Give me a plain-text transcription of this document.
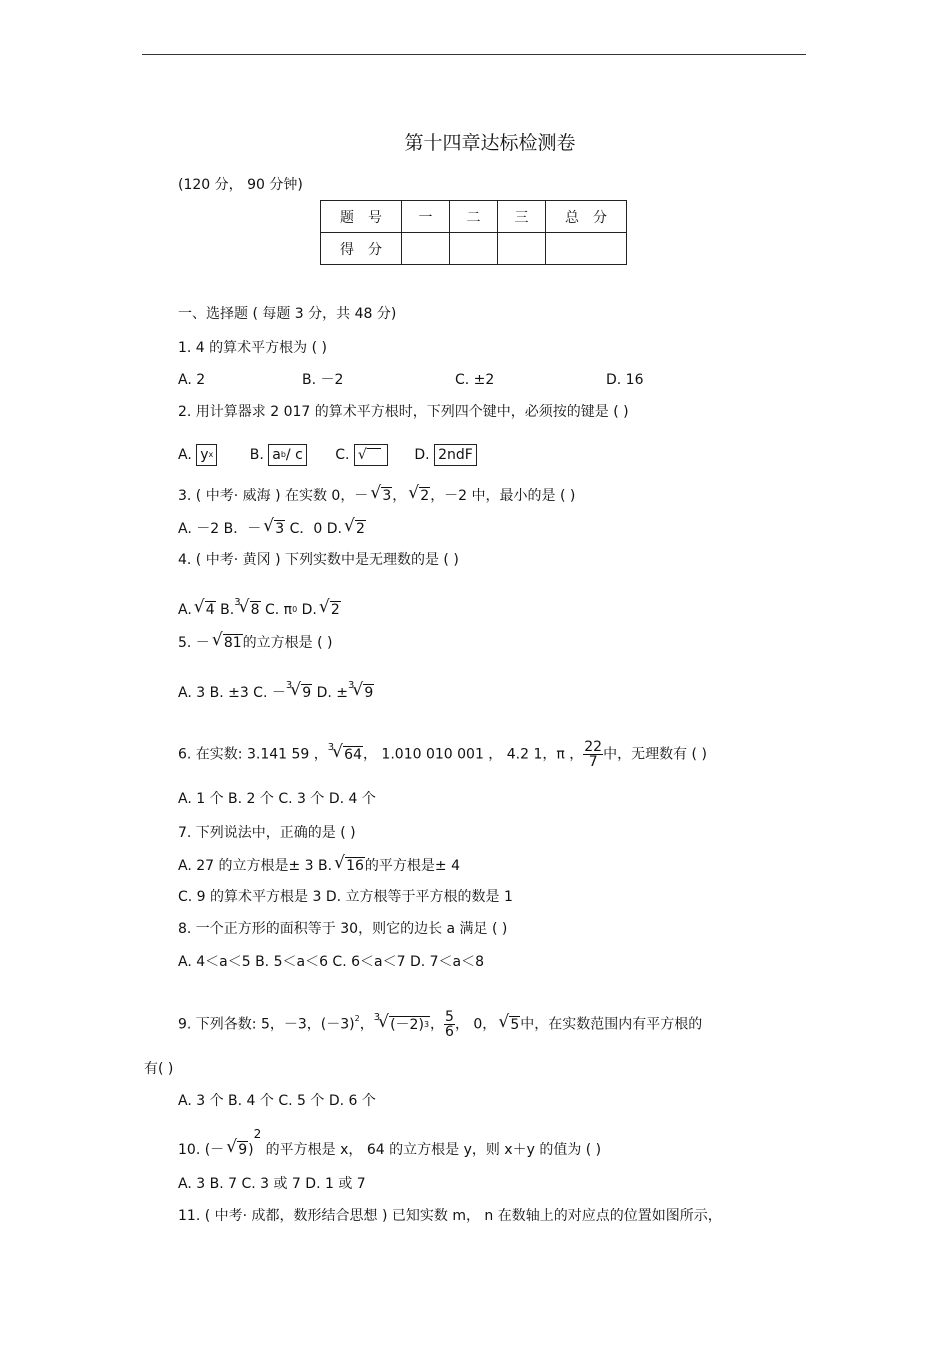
第十四章达标检测卷
(120 分， 90 分钟)
题　号	一	二	三	总　分
得　分				
一、选择题 ( 每题 3 分，共 48 分)
1. 4 的算术平方根为 ( )
A. 2	B. －2	C. ±2	D. 16
2. 用计算器求 2 017 的算术平方根时，下列四个键中，必须按的键是 ( )
A. $y^x$	B. $a^b/$ c C. √‾‾ D. 2ndF
3. ( 中考· 威海 ) 在实数 0，－ √ 3， √ 2，－2 中，最小的是 ( )
A. －2 B．－ √ 3 C．0 D. √ 2
4. ( 中考· 黄冈 ) 下列实数中是无理数的是 ( )
A. √ 4 B.$^3$ √ 8 C. $\pi^0$ D. √ 2
5. － √ 81的立方根是 ( )
A. 3 B. ±3 C. －$^3$ √ 9 D. ±$^3$ √ 9
6. 在实数: 3.141 59 ，$^3$ √ 64， 1.010 010 001 ， 4.2 1，π ， $\frac{22}{7}$ 中，无理数有 ( )
A. 1 个 B. 2 个 C. 3 个 D. 4 个
7. 下列说法中，正确的是 ( )
A. 27 的立方根是± 3 B. √ 16的平方根是± 4
C. 9 的算术平方根是 3 D. 立方根等于平方根的数是 1
8. 一个正方形的面积等于 30，则它的边长 a 满足 ( )
A. 4＜a＜5 B. 5＜a＜6 C. 6＜a＜7 D. 7＜a＜8
9. 下列各数: 5，－3，$(-3)^2$，$^3$ √ $(-2)^3$， $\frac{5}{6}$ ， 0， √ 5中，在实数范围内有平方根的
有( )
A. 3 个 B. 4 个 C. 5 个 D. 6 个
10. (－ √ 9)2 的平方根是 x， 64 的立方根是 y，则 x＋y 的值为 ( )
A. 3 B. 7 C. 3 或 7 D. 1 或 7
11. ( 中考· 成都，数形结合思想 ) 已知实数 m， n 在数轴上的对应点的位置如图所示，
